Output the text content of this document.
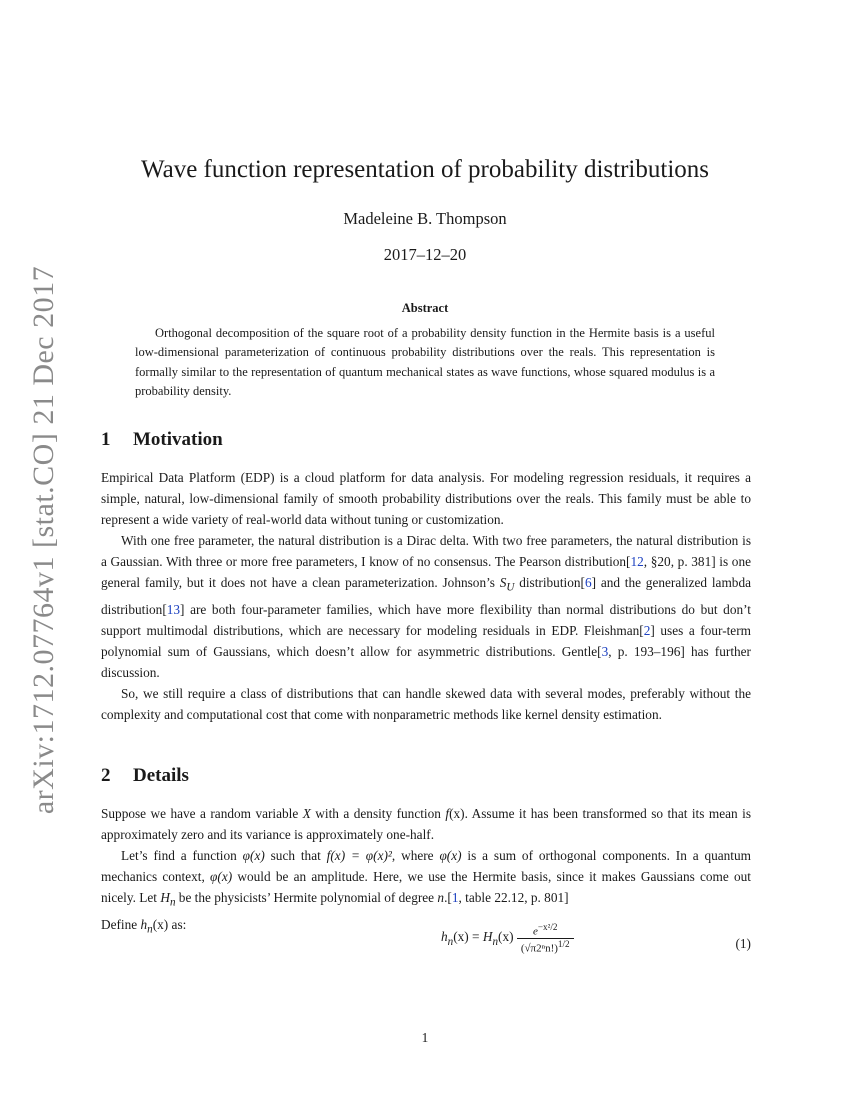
arXiv:1712.07764v1 [stat.CO] 21 Dec 2017
Wave function representation of probability distributions
Madeleine B. Thompson
2017–12–20
Abstract

Orthogonal decomposition of the square root of a probability density function in the Hermite basis is a useful low-dimensional parameterization of continuous probability distributions over the reals. This representation is formally similar to the representation of quantum mechanical states as wave functions, whose squared modulus is a probability density.

1 Motivation

Empirical Data Platform (EDP) is a cloud platform for data analysis. For modeling regression residuals, it requires a simple, natural, low-dimensional family of smooth probability distributions over the reals. This family must be able to represent a wide variety of real-world data without tuning or customization.

With one free parameter, the natural distribution is a Dirac delta. With two free parameters, the natural distribution is a Gaussian. With three or more free parameters, I know of no consensus. The Pearson distribution[12, §20, p. 381] is one general family, but it does not have a clean parameterization. Johnson’s $S_U$ distribution[6] and the generalized lambda distribution[13] are both four-parameter families, which have more flexibility than normal distributions do but don’t support multimodal distributions, which are necessary for modeling residuals in EDP. Fleishman[2] uses a four-term polynomial sum of Gaussians, which doesn’t allow for asymmetric distributions. Gentle[3, p. 193–196] has further discussion.

So, we still require a class of distributions that can handle skewed data with several modes, preferably without the complexity and computational cost that come with nonparametric methods like kernel density estimation.

2 Details

Suppose we have a random variable X with a density function f(x). Assume it has been transformed so that its mean is approximately zero and its variance is approximately one-half.

Let’s find a function φ(x) such that f(x) = φ(x)², where φ(x) is a sum of orthogonal components. In a quantum mechanics context, φ(x) would be an amplitude. Here, we use the Hermite basis, since it makes Gaussians come out nicely. Let $H_n$ be the physicists’ Hermite polynomial of degree n.[1, table 22.12, p. 801]
Define $h_n(x)$ as:

$h_n(x) = H_n(x) \frac{e^{-x^2/2}}{(√\pi 2^nn!)^{1/2}}$	(1)
1
